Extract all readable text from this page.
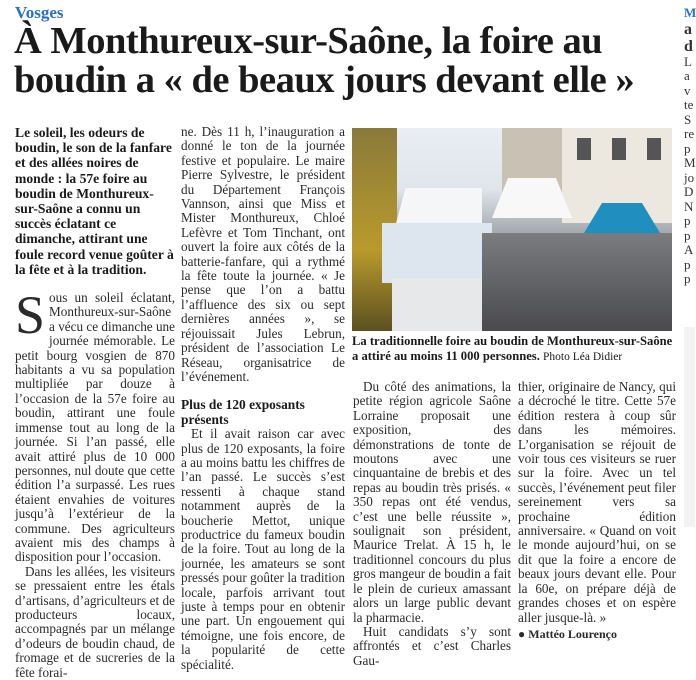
Vosges
À Monthureux-sur-Saône, la foire au boudin a « de beaux jours devant elle »

Le soleil, les odeurs de boudin, le son de la fanfare et des allées noires de monde : la 57e foire au boudin de Monthureux-sur-Saône a connu un succès éclatant ce dimanche, attirant une foule record venue goûter à la fête et à la tradition.

Sous un soleil éclatant, Monthureux-sur-Saône a vécu ce dimanche une journée mémorable. Le petit bourg vosgien de 870 habitants a vu sa population multipliée par douze à l’occasion de la 57e foire au boudin, attirant une foule immense tout au long de la journée. Si l’an passé, elle avait attiré plus de 10 000 personnes, nul doute que cette édition l’a surpassé. Les rues étaient envahies de voitures jusqu’à l’extérieur de la commune. Des agriculteurs avaient mis des champs à disposition pour l’occasion.

Dans les allées, les visiteurs se pressaient entre les étals d’artisans, d’agriculteurs et de producteurs locaux, accompagnés par un mélange d’odeurs de boudin chaud, de fromage et de sucreries de la fête forai-

ne. Dès 11 h, l’inauguration a donné le ton de la journée festive et populaire. Le maire Pierre Sylvestre, le président du Département François Vannson, ainsi que Miss et Mister Monthureux, Chloé Lefèvre et Tom Tinchant, ont ouvert la foire aux côtés de la batterie-fanfare, qui a rythmé la fête toute la journée. « Je pense que l’on a battu l’affluence des six ou sept dernières années », se réjouissait Jules Lebrun, président de l’association Le Réseau, organisatrice de l’événement.

Plus de 120 exposants présents

Et il avait raison car avec plus de 120 exposants, la foire a au moins battu les chiffres de l’an passé. Le succès s’est ressenti à chaque stand notamment auprès de la boucherie Mettot, unique productrice du fameux boudin de la foire. Tout au long de la journée, les amateurs se sont pressés pour goûter la tradition locale, parfois arrivant tout juste à temps pour en obtenir une part. Un engouement qui témoigne, une fois encore, de la popularité de cette spécialité.

La traditionnelle foire au boudin de Monthureux-sur-Saône a attiré au moins 11 000 personnes. Photo Léa Didier

Du côté des animations, la petite région agricole Saône Lorraine proposait une exposition, des démonstrations de tonte de moutons avec une cinquantaine de brebis et des repas au boudin très prisés. « 350 repas ont été vendus, c’est une belle réussite », soulignait son président, Maurice Trelat. À 15 h, le traditionnel concours du plus gros mangeur de boudin a fait le plein de curieux amassant alors un large public devant la pharmacie.

Huit candidats s’y sont affrontés et c’est Charles Gau-

thier, originaire de Nancy, qui a décroché le titre. Cette 57e édition restera à coup sûr dans les mémoires. L’organisation se réjouit de voir tous ces visiteurs se ruer sur la foire. Avec un tel succès, l’événement peut filer sereinement vers sa prochaine édition anniversaire. « Quand on voit le monde aujourd’hui, on se dit que la foire a encore de beaux jours devant elle. Pour la 60e, on prépare déjà de grandes choses et on espère aller jusque-là. »

● Mattéo Lourenço
M
a
d
L
a
v
te
S
re
p
M
jo
D
N
p
p
A
p
p
